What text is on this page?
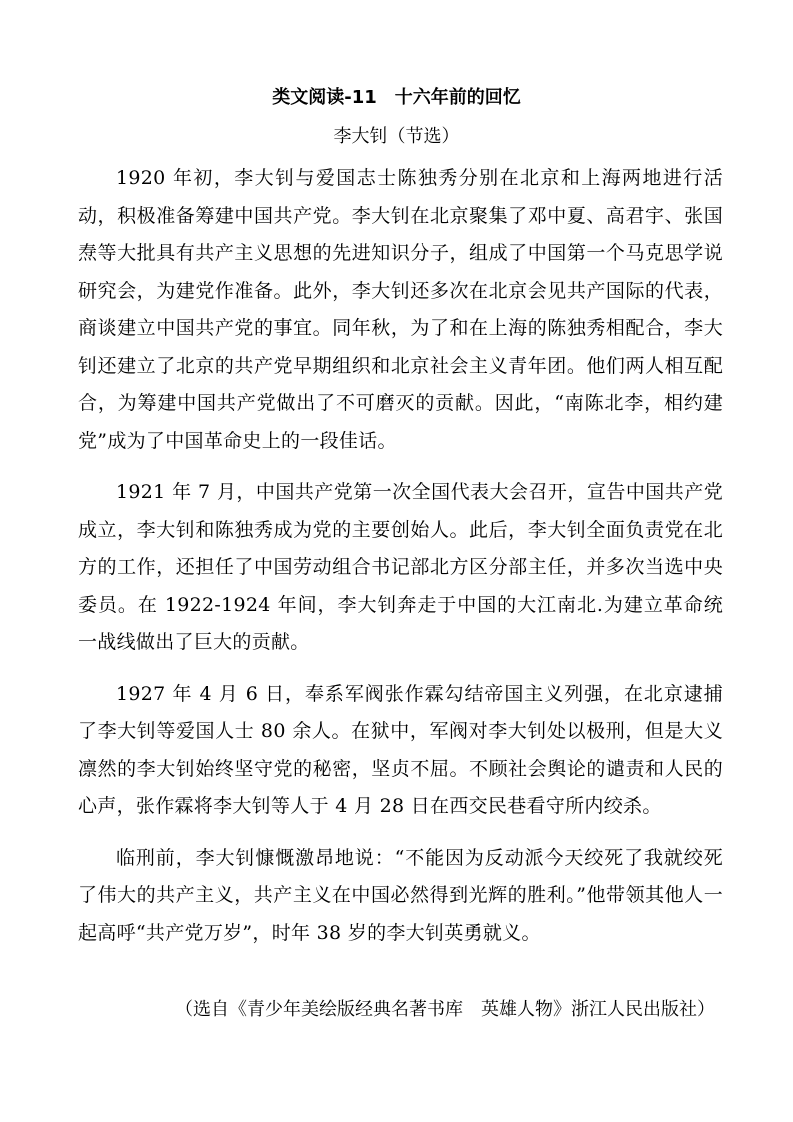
类文阅读-11　十六年前的回忆
李大钊（节选）

1920 年初，李大钊与爱国志士陈独秀分别在北京和上海两地进行活动，积极准备筹建中国共产党。李大钊在北京聚集了邓中夏、高君宇、张国焘等大批具有共产主义思想的先进知识分子，组成了中国第一个马克思学说研究会，为建党作准备。此外，李大钊还多次在北京会见共产国际的代表，商谈建立中国共产党的事宜。同年秋，为了和在上海的陈独秀相配合，李大钊还建立了北京的共产党早期组织和北京社会主义青年团。他们两人相互配合，为筹建中国共产党做出了不可磨灭的贡献。因此，“南陈北李，相约建党”成为了中国革命史上的一段佳话。

1921 年 7 月，中国共产党第一次全国代表大会召开，宣告中国共产党成立，李大钊和陈独秀成为党的主要创始人。此后，李大钊全面负责党在北方的工作，还担任了中国劳动组合书记部北方区分部主任，并多次当选中央委员。在 1922-1924 年间，李大钊奔走于中国的大江南北.为建立革命统一战线做出了巨大的贡献。

1927 年 4 月 6 日，奉系军阀张作霖勾结帝国主义列强，在北京逮捕了李大钊等爱国人士 80 余人。在狱中，军阀对李大钊处以极刑，但是大义凛然的李大钊始终坚守党的秘密，坚贞不屈。不顾社会舆论的谴责和人民的心声，张作霖将李大钊等人于 4 月 28 日在西交民巷看守所内绞杀。

临刑前，李大钊慷慨激昂地说：“不能因为反动派今天绞死了我就绞死了伟大的共产主义，共产主义在中国必然得到光辉的胜利。”他带领其他人一起高呼“共产党万岁”，时年 38 岁的李大钊英勇就义。

（选自《青少年美绘版经典名著书库　英雄人物》浙江人民出版社）
